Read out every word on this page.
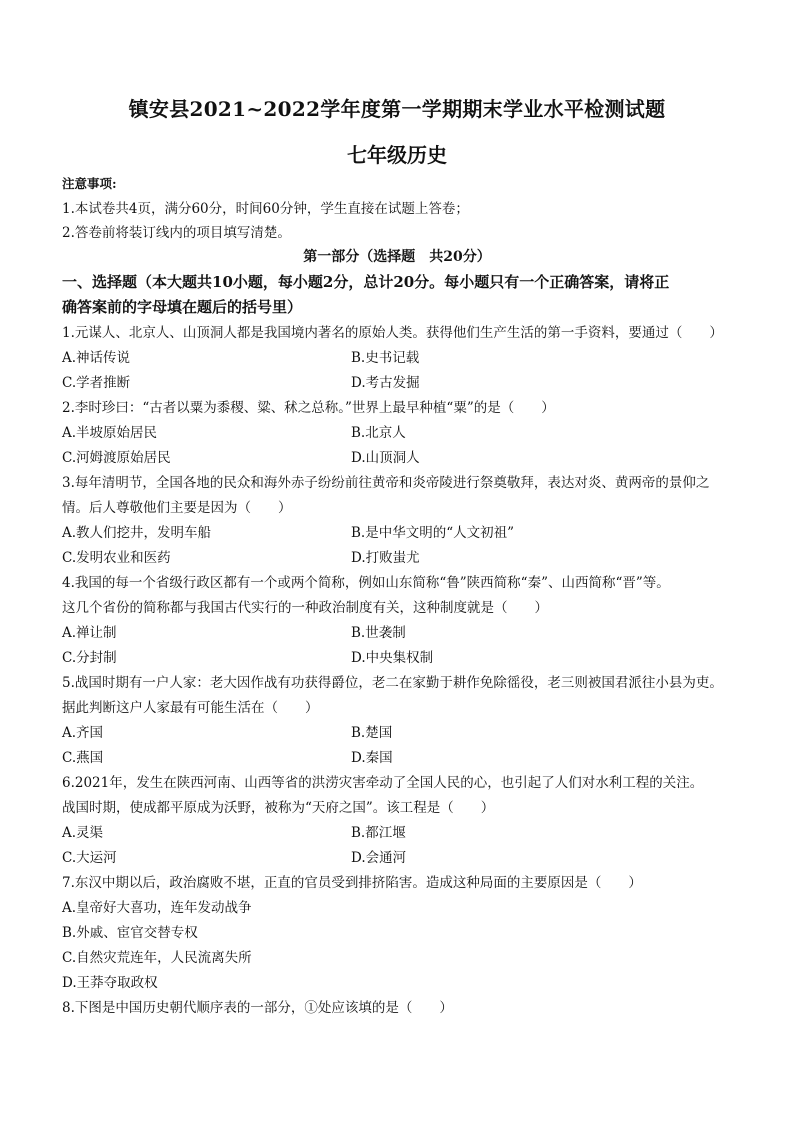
镇安县2021~2022学年度第一学期期末学业水平检测试题
七年级历史
注意事项:
1.本试卷共4页，满分60分，时间60分钟，学生直接在试题上答卷；
2.答卷前将装订线内的项目填写清楚。
第一部分（选择题　共20分）
一、选择题（本大题共10小题，每小题2分，总计20分。每小题只有一个正确答案，请将正
确答案前的字母填在题后的括号里）
1.元谋人、北京人、山顶洞人都是我国境内著名的原始人类。获得他们生产生活的第一手资料，要通过（　　）
A.神话传说	B.史书记载
C.学者推断	D.考古发掘
2.李时珍曰：“古者以粟为黍稷、粱、秫之总称。”世界上最早种植“粟”的是（　　）
A.半坡原始居民	B.北京人
C.河姆渡原始居民	D.山顶洞人
3.每年清明节，全国各地的民众和海外赤子纷纷前往黄帝和炎帝陵进行祭奠敬拜，表达对炎、黄两帝的景仰之
情。后人尊敬他们主要是因为（　　）
A.教人们挖井，发明车船	B.是中华文明的“人文初祖”
C.发明农业和医药	D.打败蚩尤
4.我国的每一个省级行政区都有一个或两个简称，例如山东简称“鲁”陕西简称“秦”、山西简称“晋”等。
这几个省份的简称都与我国古代实行的一种政治制度有关，这种制度就是（　　）
A.禅让制	B.世袭制
C.分封制	D.中央集权制
5.战国时期有一户人家：老大因作战有功获得爵位，老二在家勤于耕作免除徭役，老三则被国君派往小县为吏。
据此判断这户人家最有可能生活在（　　）
A.齐国	B.楚国
C.燕国	D.秦国
6.2021年，发生在陕西河南、山西等省的洪涝灾害牵动了全国人民的心，也引起了人们对水利工程的关注。
战国时期，使成都平原成为沃野，被称为“天府之国”。该工程是（　　）
A.灵渠	B.都江堰
C.大运河	D.会通河
7.东汉中期以后，政治腐败不堪，正直的官员受到排挤陷害。造成这种局面的主要原因是（　　）
A.皇帝好大喜功，连年发动战争
B.外戚、宦官交替专权
C.自然灾荒连年，人民流离失所
D.王莽夺取政权
8.下图是中国历史朝代顺序表的一部分，①处应该填的是（　　）
